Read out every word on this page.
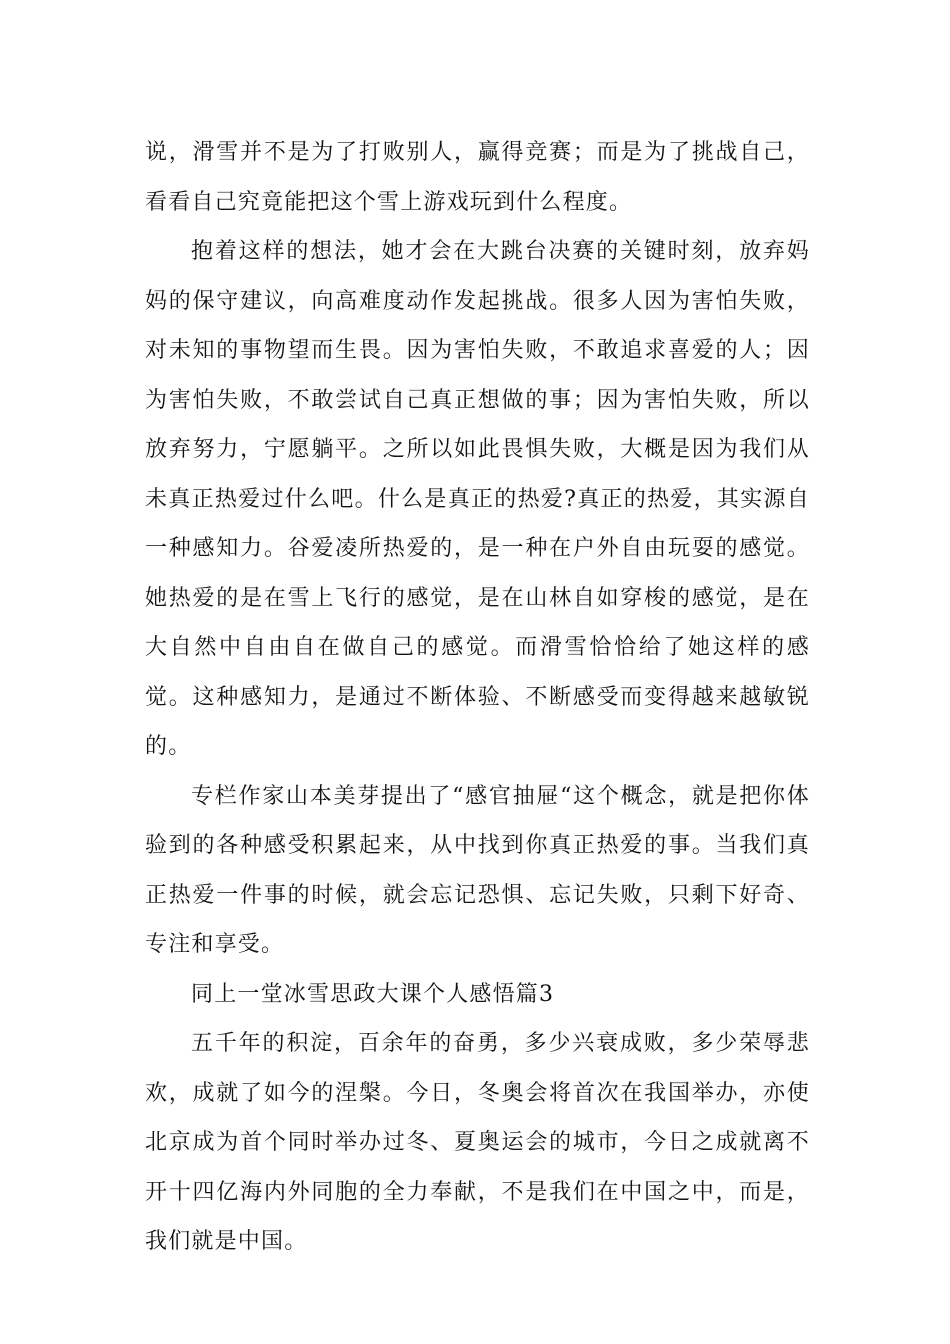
说，滑雪并不是为了打败别人，赢得竞赛；而是为了挑战自己，看看自己究竟能把这个雪上游戏玩到什么程度。

抱着这样的想法，她才会在大跳台决赛的关键时刻，放弃妈妈的保守建议，向高难度动作发起挑战。很多人因为害怕失败，对未知的事物望而生畏。因为害怕失败，不敢追求喜爱的人；因为害怕失败，不敢尝试自己真正想做的事；因为害怕失败，所以放弃努力，宁愿躺平。之所以如此畏惧失败，大概是因为我们从未真正热爱过什么吧。什么是真正的热爱?真正的热爱，其实源自一种感知力。谷爱凌所热爱的，是一种在户外自由玩耍的感觉。她热爱的是在雪上飞行的感觉，是在山林自如穿梭的感觉，是在大自然中自由自在做自己的感觉。而滑雪恰恰给了她这样的感觉。这种感知力，是通过不断体验、不断感受而变得越来越敏锐的。

专栏作家山本美芽提出了“感官抽屉“这个概念，就是把你体验到的各种感受积累起来，从中找到你真正热爱的事。当我们真正热爱一件事的时候，就会忘记恐惧、忘记失败，只剩下好奇、专注和享受。

同上一堂冰雪思政大课个人感悟篇3

五千年的积淀，百余年的奋勇，多少兴衰成败，多少荣辱悲欢，成就了如今的涅槃。今日，冬奥会将首次在我国举办，亦使北京成为首个同时举办过冬、夏奥运会的城市，今日之成就离不开十四亿海内外同胞的全力奉献，不是我们在中国之中，而是，我们就是中国。
